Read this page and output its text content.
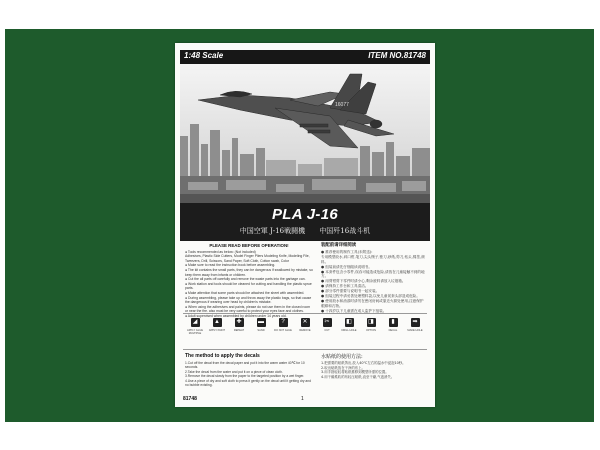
1:48 Scale	ITEM NO.81748
16077
PLA J-16
中国空軍 J-16戦闘機 中国歼16战斗机
PLEASE READ BEFORE OPERATION!
● Tools recommended as below: (Not included)
Adhesives, Plastic Side Cutters, Model Finger Pliers Modeling Knife, Modeling File, Tweezers, Drill, Scissors, Sand Paper, Soft Cloth, Cotton swab, Color
● Make sure to read the instruction book before assembling.
● The kit contains the small parts, they can be dangerous if swallowed by mistake, so keep them away from infants or children.
● Cut the all parts off carefully and remove the waste parts into the garbage can.
● Work station and tools should be cleaned for cutting and handling the plastic sprue parts.
● Make attention that some parts should be attached the sheet with assembled.
● During assembling, please take up and throw away the plastic bags, so that cause the dangerous if wearing over head by children's mistake.
● When using the adhesives and paints, please do not use them in the closed room or near the fire. also must be very careful to protect your eyes face and clothes.
● Adult supervised when assembled by children under 14 years old.
装配前请详细阅读
● 推荐使用的制作工具(未附送):
专用模型胶水,斜口钳,笔刀,尖头镊子,锉刀,砂纸,剪刀,钻头,棉签,颜料。
● 组装前请先仔细阅读说明书。
● 本套件包含小零件,误吞可能造成危险,请放在儿童接触不到的地方。
● 用剪钳剪下零件时请小心,剩余废料请放入垃圾箱。
● 请保持工作台和工具清洁。
● 部分零件需要与说明书一起安装。
● 组装过程中请妥善处理塑料袋,以免儿童误套头部造成危险。
● 使用胶水和油漆时请勿在密闭房间或靠近火源处使用,注意保护眼睛和衣物。
● 十四岁以下儿童需在成人监护下组装。
◢
APPLY GLUE MULTIPLE
▲
APPLY PAINT
✚
REPEAT
▬
SAND
?
DO NOT GLUE
✕
REMOVE
✂
CUT
◧
DRILL HOLE
◨
OPTION
▮
DECAL
➡
MAKE HOLE
The method to apply the decals
1.Cut off the decal from the decal paper and put it into the warm water 40℃ for 10 seconds.
2.Take the decal from the water and put it on a piece of clean cloth.
3.Remove the decal slowly from the paper to the targeted position by a wet finger.
4.Use a piece of dry and soft cloth to press it gently on the decal until it getting dry and no bubble existing.
水贴纸的使用方法:
1.把需要的贴纸剪出,放入40℃左右的温水中浸泡10秒。
2.取出贴纸放在干净的布上。
3.用手指轻轻将贴纸推移到模型所需的位置。
4.用干燥柔软的布轻压贴纸,直至干燥,气泡消失。
81748	1
